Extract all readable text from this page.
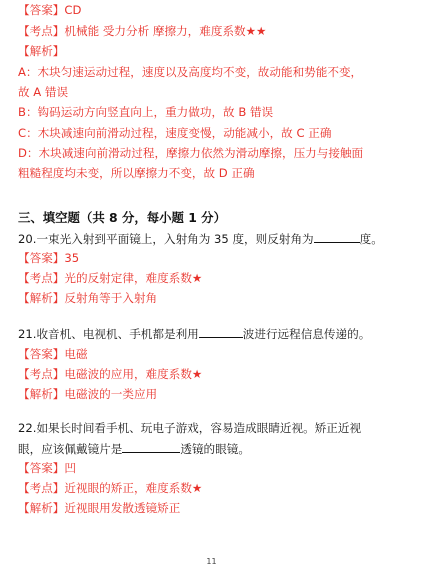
【答案】CD
【考点】机械能 受力分析 摩擦力，难度系数★★
【解析】
A：木块匀速运动过程，速度以及高度均不变，故动能和势能不变，
故 A 错误
B：钩码运动方向竖直向上，重力做功，故 B 错误
C：木块减速向前滑动过程，速度变慢，动能减小，故 C 正确
D：木块减速向前滑动过程，摩擦力依然为滑动摩擦，压力与接触面
粗糙程度均未变，所以摩擦力不变，故 D 正确
三、填空题（共 8 分，每小题 1 分）
20.一束光入射到平面镜上，入射角为 35 度，则反射角为	度。
【答案】35
【考点】光的反射定律，难度系数★
【解析】反射角等于入射角
21.收音机、电视机、手机都是利用	波进行远程信息传递的。
【答案】电磁
【考点】电磁波的应用，难度系数★
【解析】电磁波的一类应用
22.如果长时间看手机、玩电子游戏，容易造成眼睛近视。矫正近视
眼，应该佩戴镜片是	透镜的眼镜。
【答案】凹
【考点】近视眼的矫正，难度系数★
【解析】近视眼用发散透镜矫正
11
